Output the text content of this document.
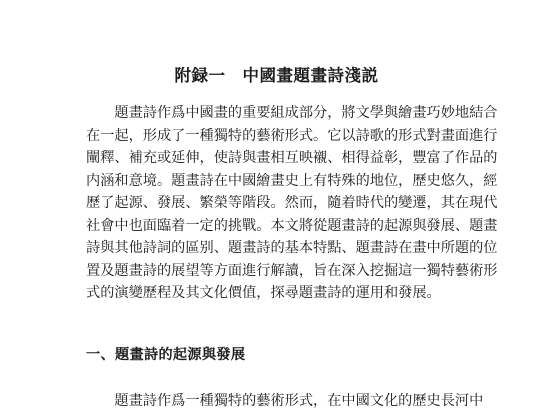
附録一　中國畫題畫詩淺説

　　題畫詩作爲中國畫的重要組成部分，將文學與繪畫巧妙地結合
在一起，形成了一種獨特的藝術形式。它以詩歌的形式對畫面進行
闡釋、補充或延伸，使詩與畫相互映襯、相得益彰，豐富了作品的
内涵和意境。題畫詩在中國繪畫史上有特殊的地位，歷史悠久，經
歷了起源、發展、繁榮等階段。然而，隨着時代的變遷，其在現代
社會中也面臨着一定的挑戰。本文將從題畫詩的起源與發展、題畫
詩與其他詩詞的區别、題畫詩的基本特點、題畫詩在畫中所題的位
置及題畫詩的展望等方面進行解讀，旨在深入挖掘這一獨特藝術形
式的演變歷程及其文化價值，探尋題畫詩的運用和發展。

一、題畫詩的起源與發展

　　題畫詩作爲一種獨特的藝術形式，在中國文化的歷史長河中
